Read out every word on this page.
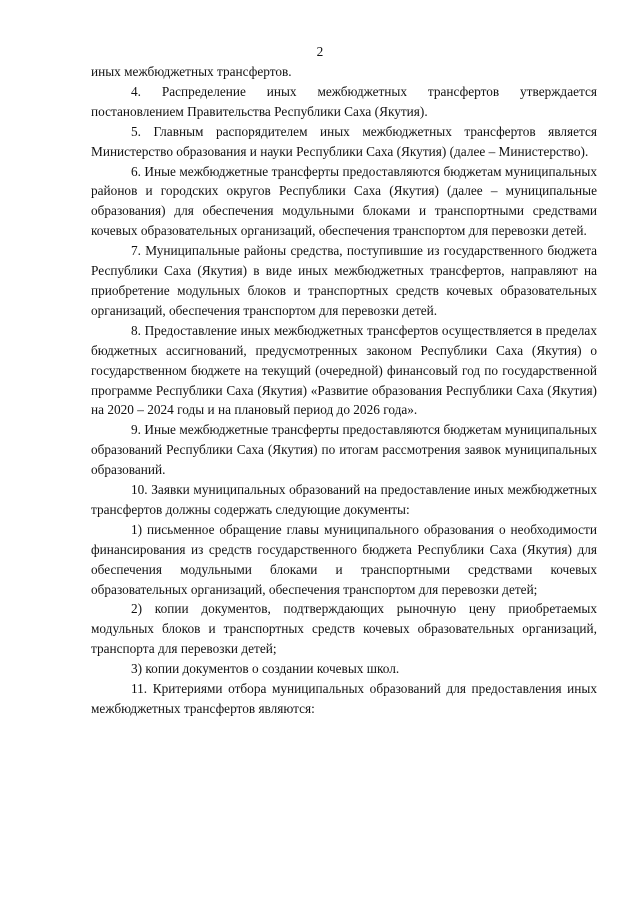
2

иных межбюджетных трансфертов.

4. Распределение иных межбюджетных трансфертов утверждается постановлением Правительства Республики Саха (Якутия).

5. Главным распорядителем иных межбюджетных трансфертов является Министерство образования и науки Республики Саха (Якутия) (далее – Министерство).

6. Иные межбюджетные трансферты предоставляются бюджетам муниципальных районов и городских округов Республики Саха (Якутия) (далее – муниципальные образования) для обеспечения модульными блоками и транспортными средствами кочевых образовательных организаций, обеспечения транспортом для перевозки детей.

7. Муниципальные районы средства, поступившие из государственного бюджета Республики Саха (Якутия) в виде иных межбюджетных трансфертов, направляют на приобретение модульных блоков и транспортных средств кочевых образовательных организаций, обеспечения транспортом для перевозки детей.

8. Предоставление иных межбюджетных трансфертов осуществляется в пределах бюджетных ассигнований, предусмотренных законом Республики Саха (Якутия) о государственном бюджете на текущий (очередной) финансовый год по государственной программе Республики Саха (Якутия) «Развитие образования Республики Саха (Якутия) на 2020 – 2024 годы и на плановый период до 2026 года».

9. Иные межбюджетные трансферты предоставляются бюджетам муниципальных образований Республики Саха (Якутия) по итогам рассмотрения заявок муниципальных образований.

10. Заявки муниципальных образований на предоставление иных межбюджетных трансфертов должны содержать следующие документы:

1) письменное обращение главы муниципального образования о необходимости финансирования из средств государственного бюджета Республики Саха (Якутия) для обеспечения модульными блоками и транспортными средствами кочевых образовательных организаций, обеспечения транспортом для перевозки детей;

2) копии документов, подтверждающих рыночную цену приобретаемых модульных блоков и транспортных средств кочевых образовательных организаций, транспорта для перевозки детей;

3) копии документов о создании кочевых школ.

11. Критериями отбора муниципальных образований для предоставления иных межбюджетных трансфертов являются:
